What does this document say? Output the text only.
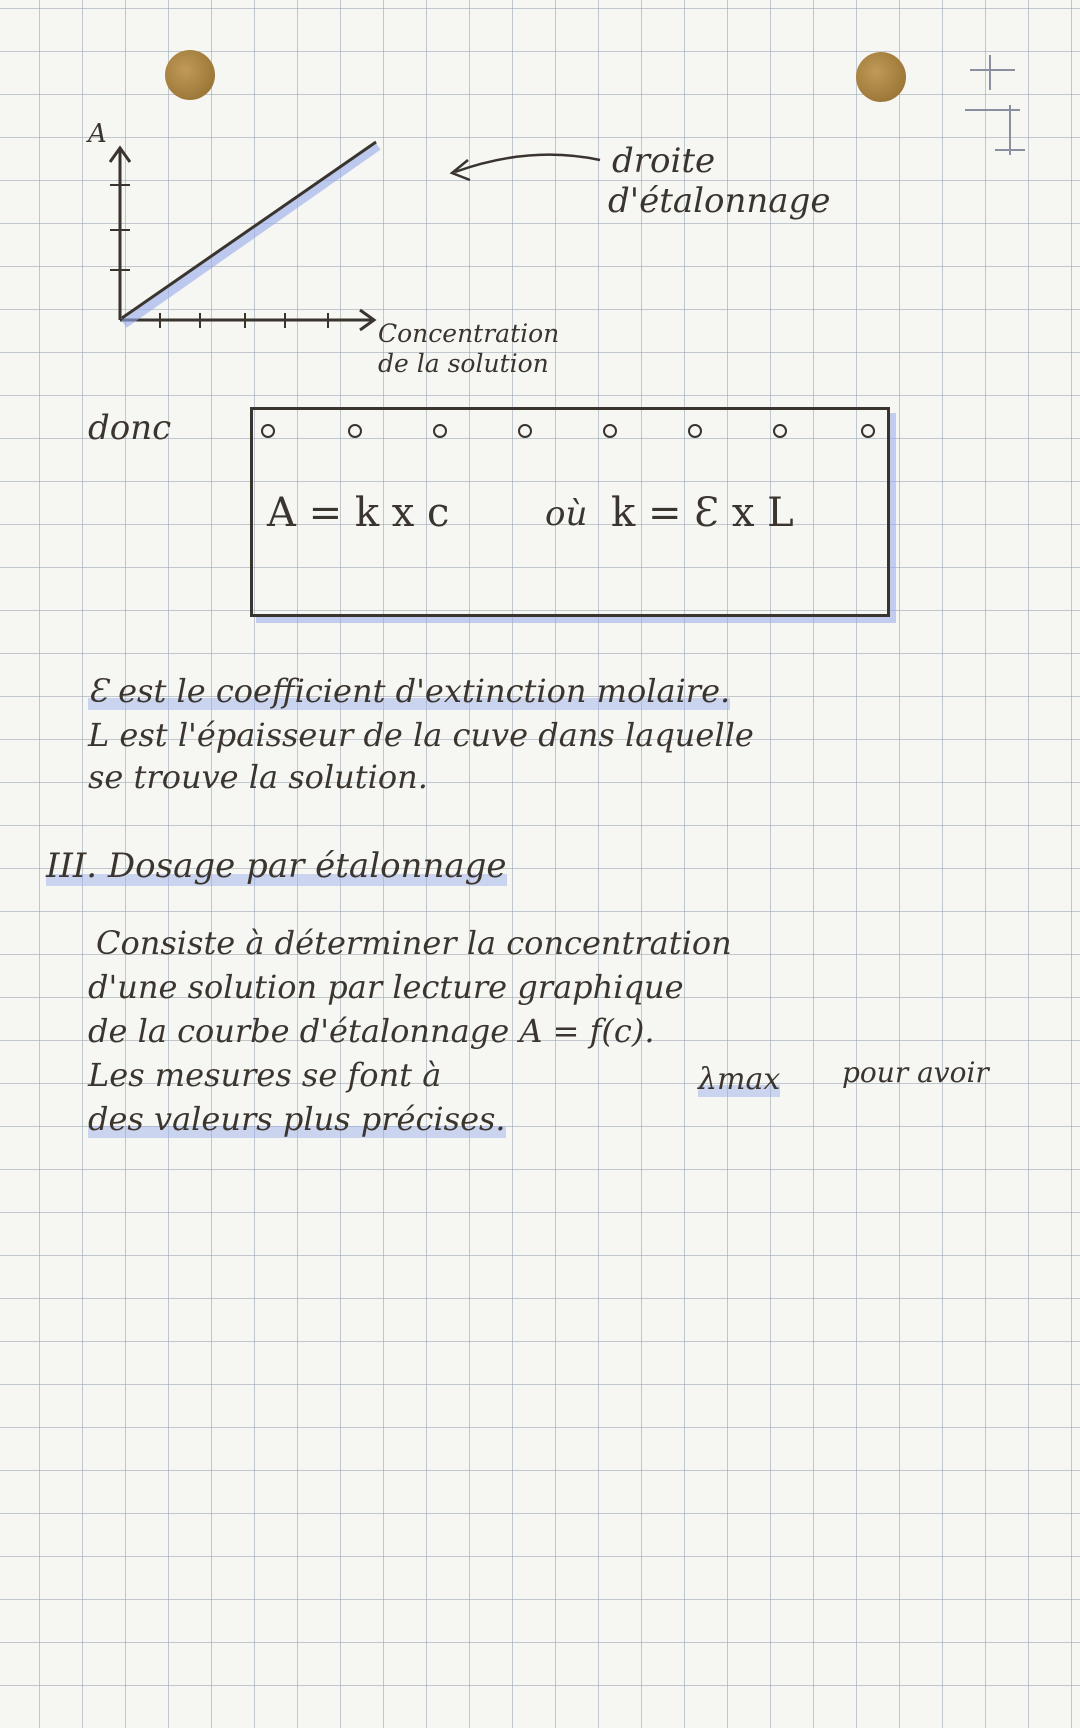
A
droite
d'étalonnage
Concentration
de la solution
donc
A = k x c	où k = Ɛ x L
Ɛ est le coefficient d'extinction molaire.
L est l'épaisseur de la cuve dans laquelle
se trouve la solution.
III. Dosage par étalonnage
Consiste à déterminer la concentration
d'une solution par lecture graphique
de la courbe d'étalonnage A = f(c).
Les mesures se font à	λmax pour avoir
des valeurs plus précises.
